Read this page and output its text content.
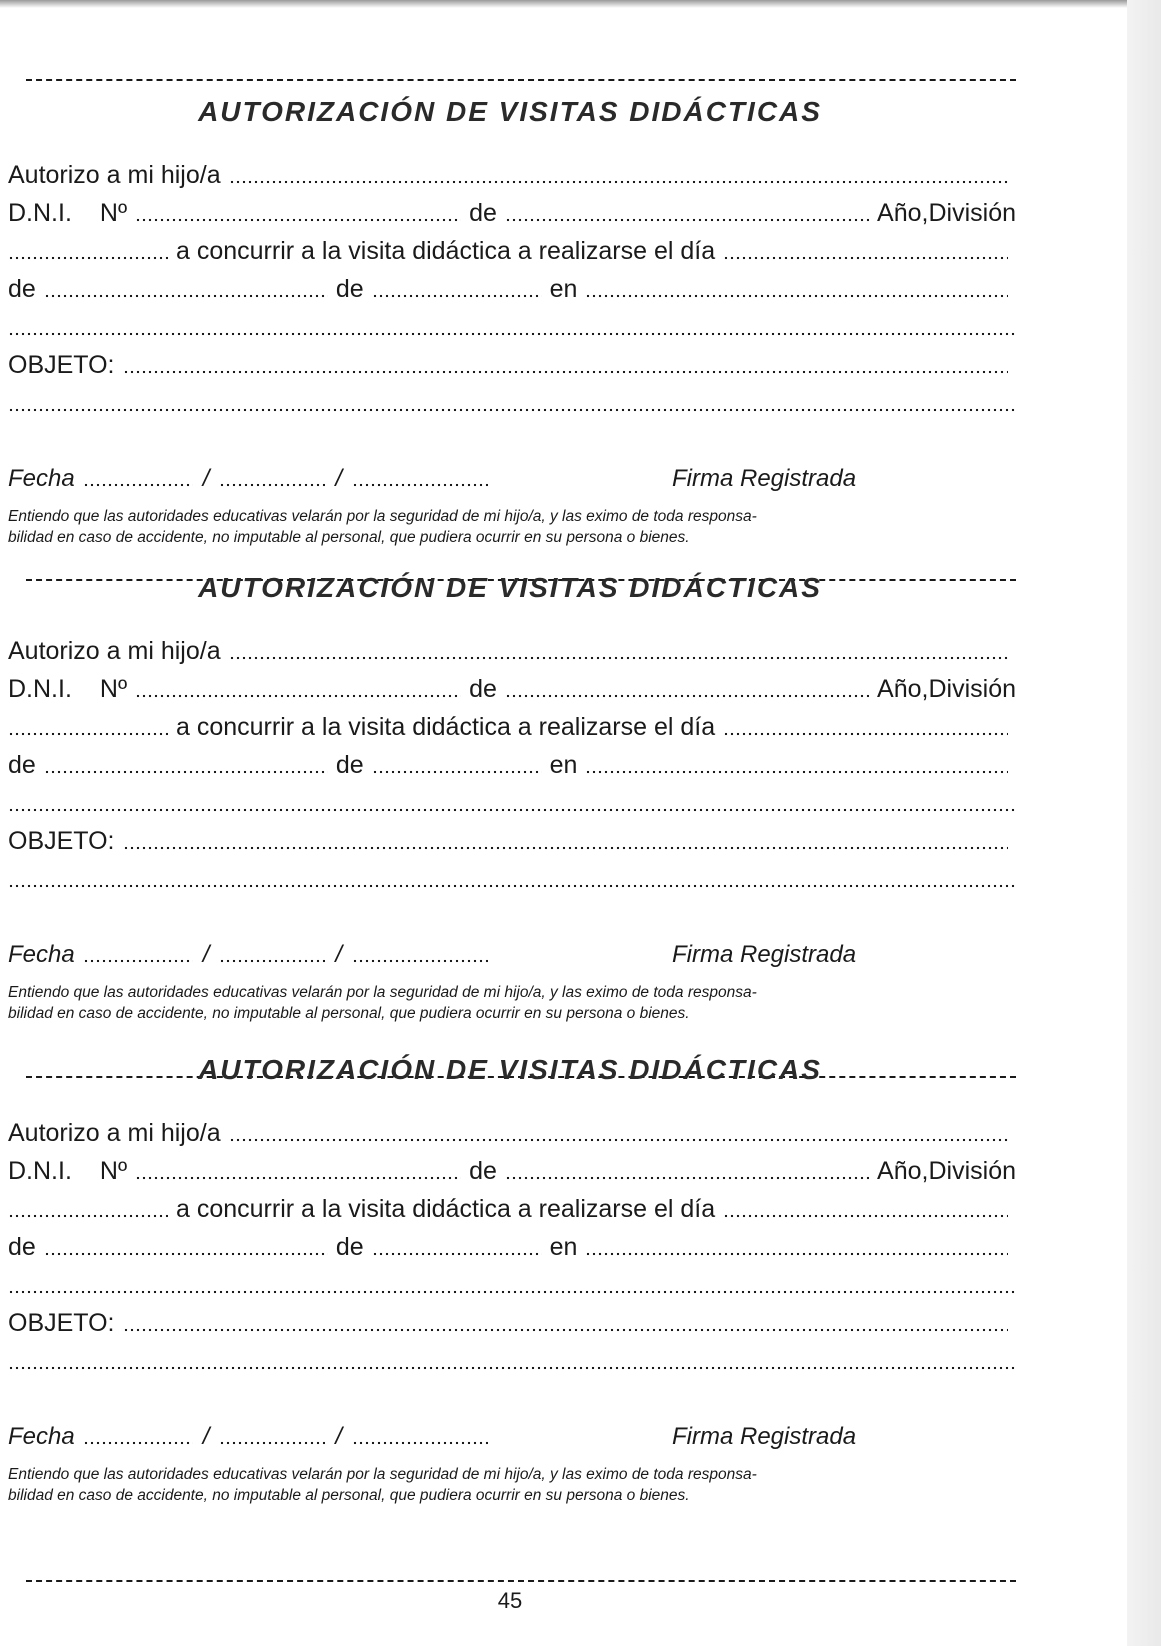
AUTORIZACIÓN DE VISITAS DIDÁCTICAS
Autorizo a mi hijo/a
D.N.I. Nº	de	Año,División
a concurrir a la visita didáctica a realizarse el día
de	de	en
OBJETO:
Fecha	/	/	Firma Registrada
Entiendo que las autoridades educativas velarán por la seguridad de mi hijo/a, y las eximo de toda responsa-
bilidad en caso de accidente, no imputable al personal, que pudiera ocurrir en su persona o bienes.
AUTORIZACIÓN DE VISITAS DIDÁCTICAS
Autorizo a mi hijo/a
D.N.I. Nº	de	Año,División
a concurrir a la visita didáctica a realizarse el día
de	de	en
OBJETO:
Fecha	/	/	Firma Registrada
Entiendo que las autoridades educativas velarán por la seguridad de mi hijo/a, y las eximo de toda responsa-
bilidad en caso de accidente, no imputable al personal, que pudiera ocurrir en su persona o bienes.
AUTORIZACIÓN DE VISITAS DIDÁCTICAS
Autorizo a mi hijo/a
D.N.I. Nº	de	Año,División
a concurrir a la visita didáctica a realizarse el día
de	de	en
OBJETO:
Fecha	/	/	Firma Registrada
Entiendo que las autoridades educativas velarán por la seguridad de mi hijo/a, y las eximo de toda responsa-
bilidad en caso de accidente, no imputable al personal, que pudiera ocurrir en su persona o bienes.
45
